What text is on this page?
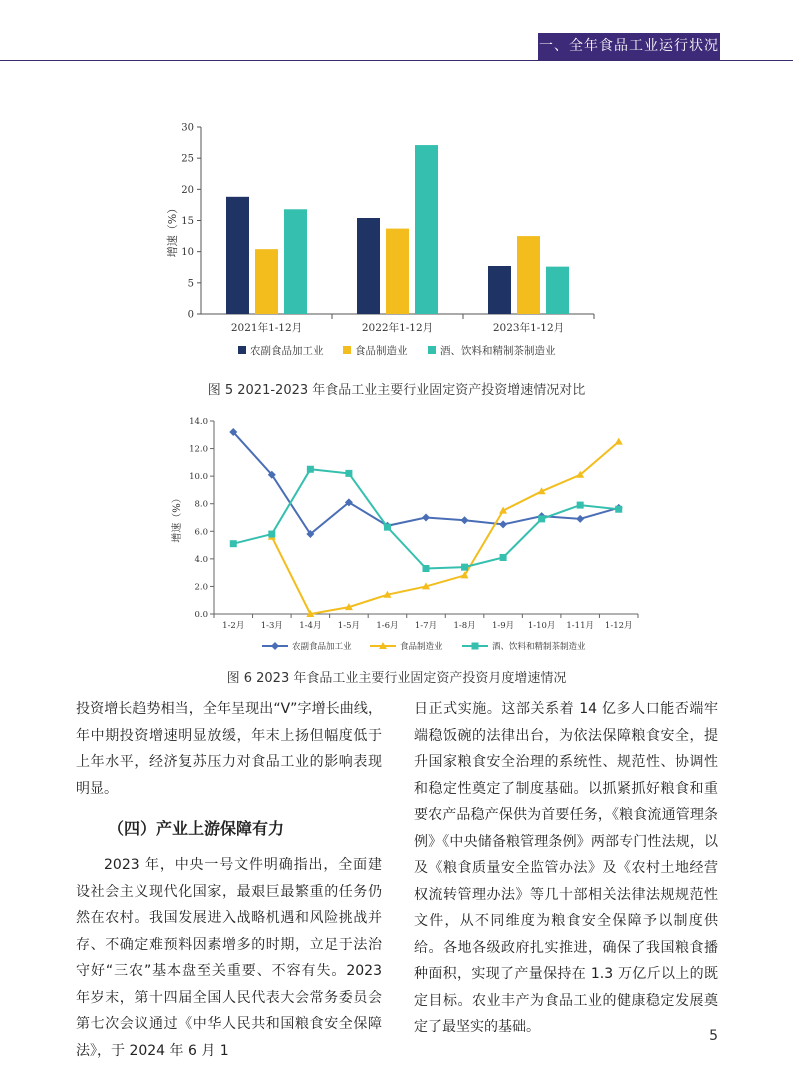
一、全年食品工业运行状况
0
5
10
15
20
25
30
增速（%）
2021年1-12月	2022年1-12月	2023年1-12月
农副食品加工业	食品制造业	酒、饮料和精制茶制造业
图 5 2021-2023 年食品工业主要行业固定资产投资增速情况对比
0.0
2.0
4.0
6.0
8.0
10.0
12.0
14.0
增速（%）
1-2月 1-3月 1-4月 1-5月 1-6月 1-7月 1-8月 1-9月 1-10月 1-11月 1-12月
农副食品加工业	食品制造业	酒、饮料和精制茶制造业
图 6 2023 年食品工业主要行业固定资产投资月度增速情况

投资增长趋势相当，全年呈现出“V”字增长曲线，年中期投资增速明显放缓，年末上扬但幅度低于上年水平，经济复苏压力对食品工业的影响表现明显。

（四）产业上游保障有力

2023 年，中央一号文件明确指出，全面建设社会主义现代化国家，最艰巨最繁重的任务仍然在农村。我国发展进入战略机遇和风险挑战并存、不确定难预料因素增多的时期，立足于法治守好“三农”基本盘至关重要、不容有失。2023 年岁末，第十四届全国人民代表大会常务委员会第七次会议通过《中华人民共和国粮食安全保障法》，于 2024 年 6 月 1

日正式实施。这部关系着 14 亿多人口能否端牢端稳饭碗的法律出台，为依法保障粮食安全，提升国家粮食安全治理的系统性、规范性、协调性和稳定性奠定了制度基础。以抓紧抓好粮食和重要农产品稳产保供为首要任务，《粮食流通管理条例》《中央储备粮管理条例》两部专门性法规，以及《粮食质量安全监管办法》及《农村土地经营权流转管理办法》等几十部相关法律法规规范性文件，从不同维度为粮食安全保障予以制度供给。各地各级政府扎实推进，确保了我国粮食播种面积，实现了产量保持在 1.3 万亿斤以上的既定目标。农业丰产为食品工业的健康稳定发展奠定了最坚实的基础。

5
